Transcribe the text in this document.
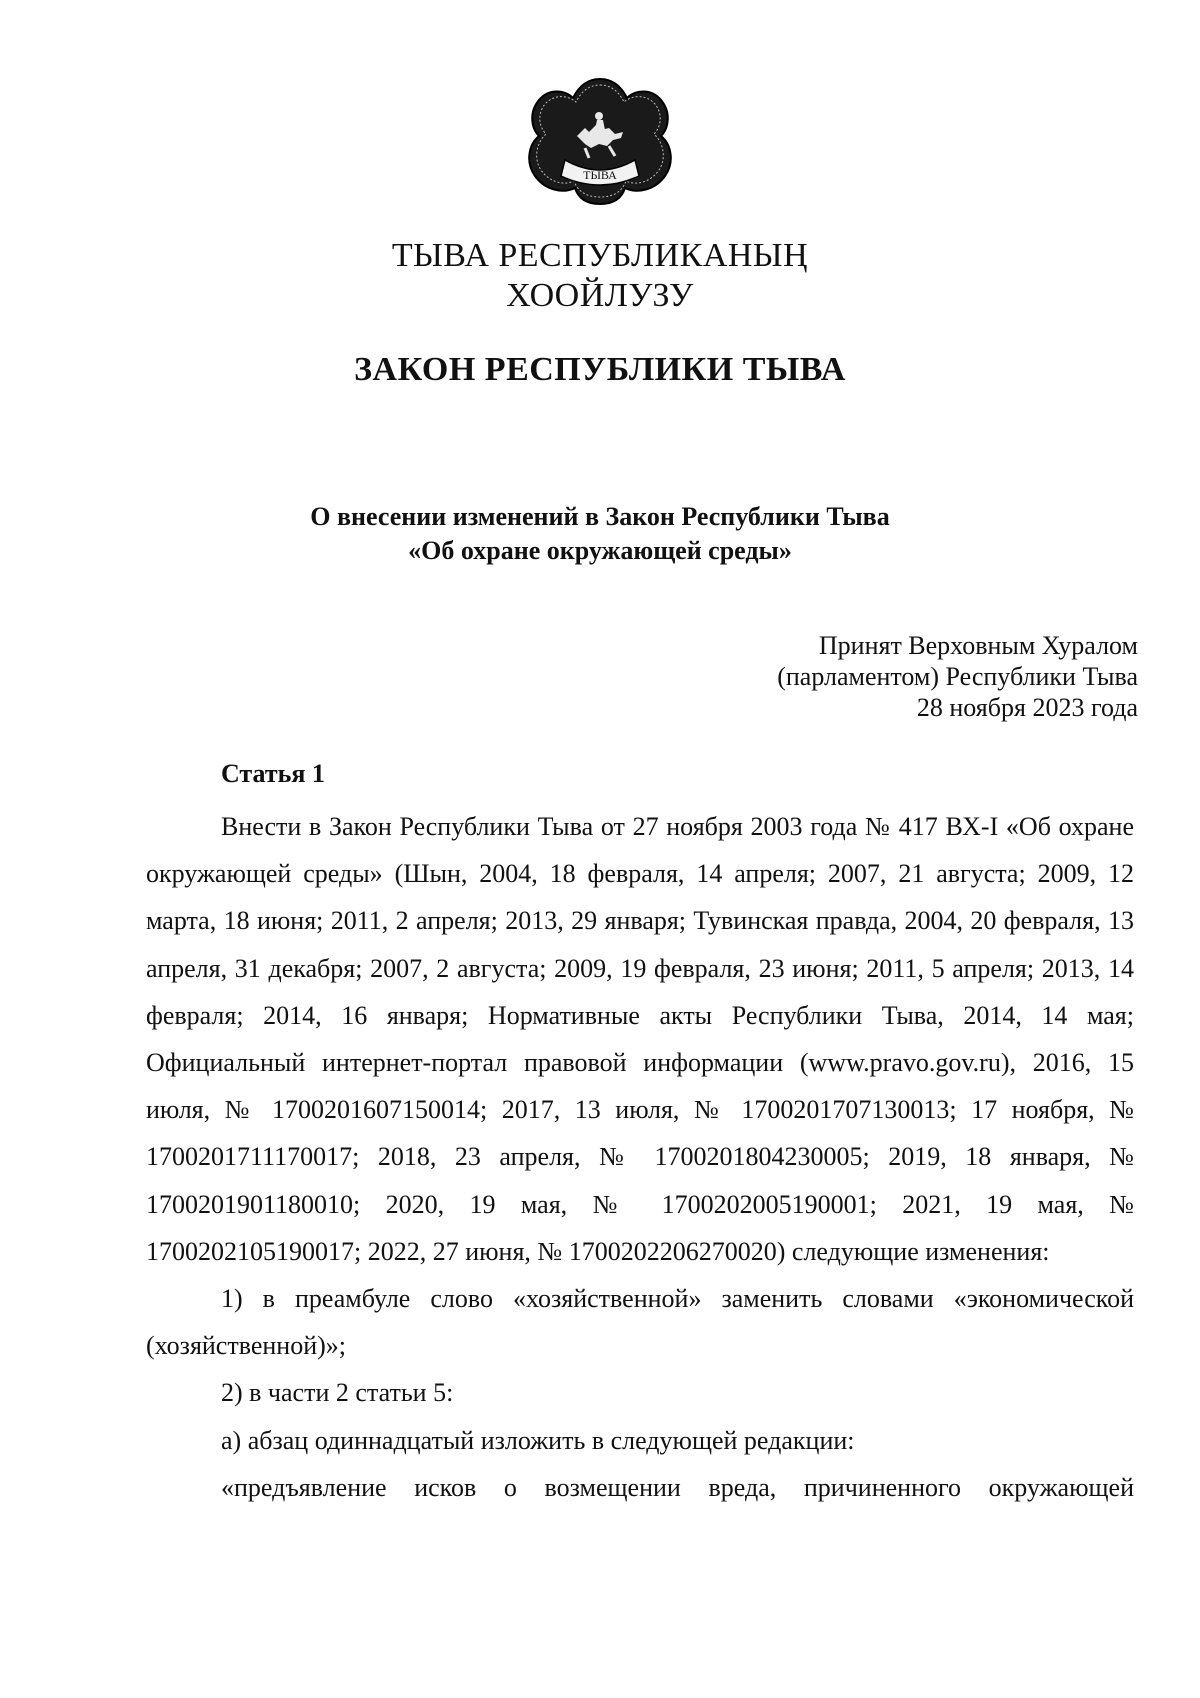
ТЫВА
ТЫВА РЕСПУБЛИКАНЫҢ
ХООЙЛУЗУ
ЗАКОН РЕСПУБЛИКИ ТЫВА
О внесении изменений в Закон Республики Тыва
«Об охране окружающей среды»
Принят Верховным Хуралом
(парламентом) Республики Тыва
28 ноября 2023 года
Статья 1

Внести в Закон Республики Тыва от 27 ноября 2003 года № 417 ВХ-I «Об охране окружающей среды» (Шын, 2004, 18 февраля, 14 апреля; 2007, 21 августа; 2009, 12 марта, 18 июня; 2011, 2 апреля; 2013, 29 января; Тувинская правда, 2004, 20 февраля, 13 апреля, 31 декабря; 2007, 2 августа; 2009, 19 февраля, 23 июня; 2011, 5 апреля; 2013, 14 февраля; 2014, 16 января; Нормативные акты Республики Тыва, 2014, 14 мая; Официальный интернет-портал правовой информации (www.pravo.gov.ru), 2016, 15 июля, № 1700201607150014; 2017, 13 июля, № 1700201707130013; 17 ноября, № 1700201711170017; 2018, 23 апреля, № 1700201804230005; 2019, 18 января, № 1700201901180010; 2020, 19 мая, № 1700202005190001; 2021, 19 мая, № 1700202105190017; 2022, 27 июня, № 1700202206270020) следующие изменения:

1) в преамбуле слово «хозяйственной» заменить словами «экономической (хозяйственной)»;

2) в части 2 статьи 5:

а) абзац одиннадцатый изложить в следующей редакции:

«предъявление исков о возмещении вреда, причиненного окружающей
